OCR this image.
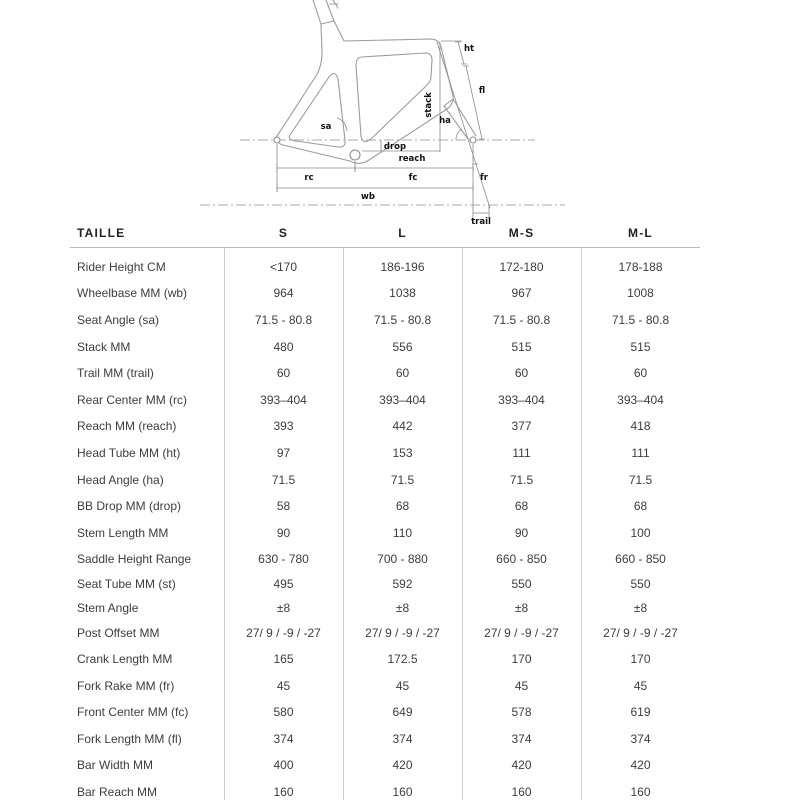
ht
fl
stack
ha
sa
drop
reach
rc	fc	fr
wb
trail
TAILLE	S	L	M-S	M-L
Rider Height CM	<170	186-196	172-180	178-188
Wheelbase MM (wb)	964	1038	967	1008
Seat Angle (sa)	71.5 - 80.8	71.5 - 80.8	71.5 - 80.8	71.5 - 80.8
Stack MM	480	556	515	515
Trail MM (trail)	60	60	60	60
Rear Center MM (rc)	393–404	393–404	393–404	393–404
Reach MM (reach)	393	442	377	418
Head Tube MM (ht)	97	153	111	111
Head Angle (ha)	71.5	71.5	71.5	71.5
BB Drop MM (drop)	58	68	68	68
Stem Length MM	90	110	90	100
Saddle Height Range	630 - 780	700 - 880	660 - 850	660 - 850
Seat Tube MM (st)	495	592	550	550
Stem Angle	±8	±8	±8	±8
Post Offset MM	27/ 9 / -9 / -27	27/ 9 / -9 / -27	27/ 9 / -9 / -27	27/ 9 / -9 / -27
Crank Length MM	165	172.5	170	170
Fork Rake MM (fr)	45	45	45	45
Front Center MM (fc)	580	649	578	619
Fork Length MM (fl)	374	374	374	374
Bar Width MM	400	420	420	420
Bar Reach MM	160	160	160	160
